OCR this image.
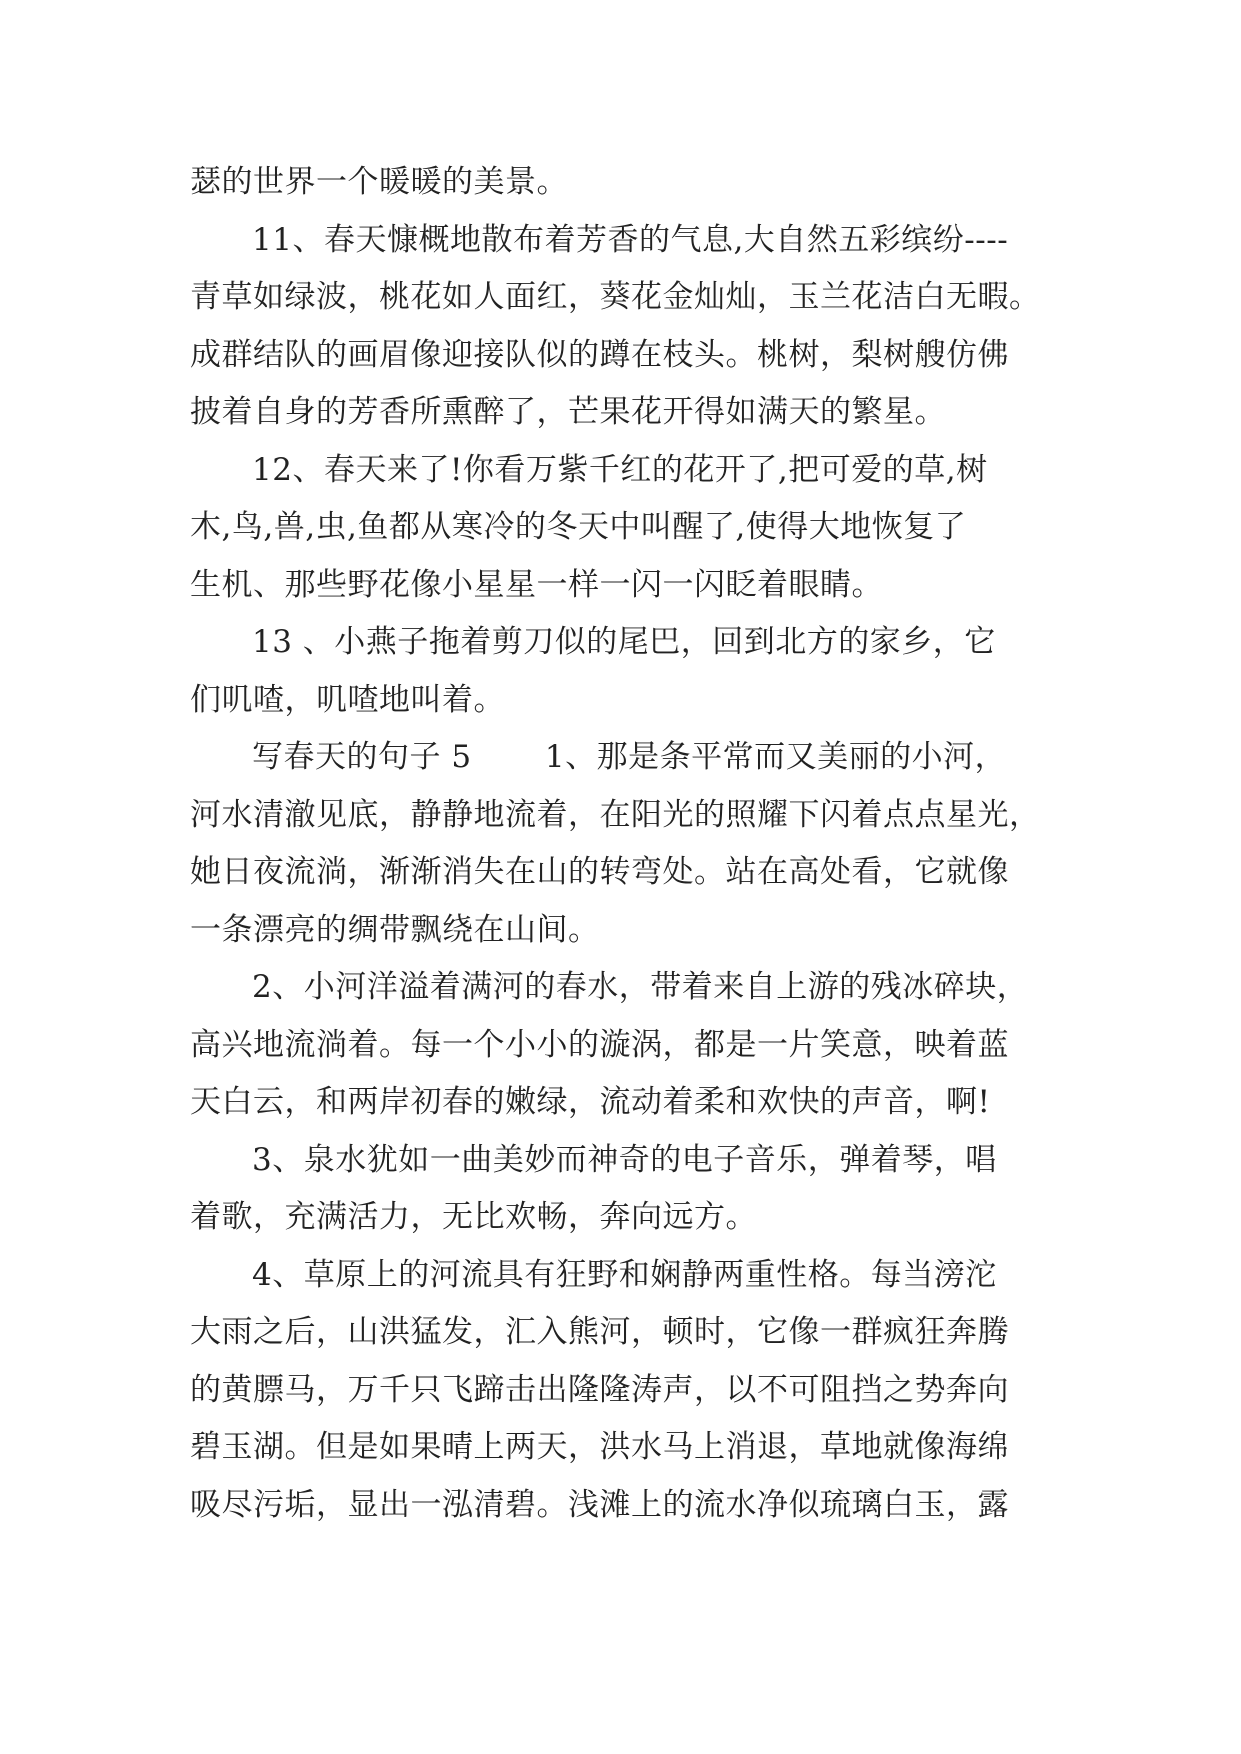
瑟的世界一个暖暖的美景。
11、春天慷概地散布着芳香的气息,大自然五彩缤纷----
青草如绿波，桃花如人面红，葵花金灿灿，玉兰花洁白无暇。
成群结队的画眉像迎接队似的蹲在枝头。桃树，梨树艘仿佛
披着自身的芳香所熏醉了，芒果花开得如满天的繁星。
12、春天来了!你看万紫千红的花开了,把可爱的草,树
木,鸟,兽,虫,鱼都从寒冷的冬天中叫醒了,使得大地恢复了
生机、那些野花像小星星一样一闪一闪眨着眼睛。
13 、小燕子拖着剪刀似的尾巴，回到北方的家乡，它
们叽喳，叽喳地叫着。
写春天的句子 5　　 1、那是条平常而又美丽的小河，
河水清澈见底，静静地流着，在阳光的照耀下闪着点点星光，
她日夜流淌，渐渐消失在山的转弯处。站在高处看，它就像
一条漂亮的绸带飘绕在山间。
2、小河洋溢着满河的春水，带着来自上游的残冰碎块，
高兴地流淌着。每一个小小的漩涡，都是一片笑意，映着蓝
天白云，和两岸初春的嫩绿，流动着柔和欢快的声音，啊!
3、泉水犹如一曲美妙而神奇的电子音乐，弹着琴，唱
着歌，充满活力，无比欢畅，奔向远方。
4、草原上的河流具有狂野和娴静两重性格。每当滂沱
大雨之后，山洪猛发，汇入熊河，顿时，它像一群疯狂奔腾
的黄膘马，万千只飞蹄击出隆隆涛声，以不可阻挡之势奔向
碧玉湖。但是如果晴上两天，洪水马上消退，草地就像海绵
吸尽污垢，显出一泓清碧。浅滩上的流水净似琉璃白玉，露
